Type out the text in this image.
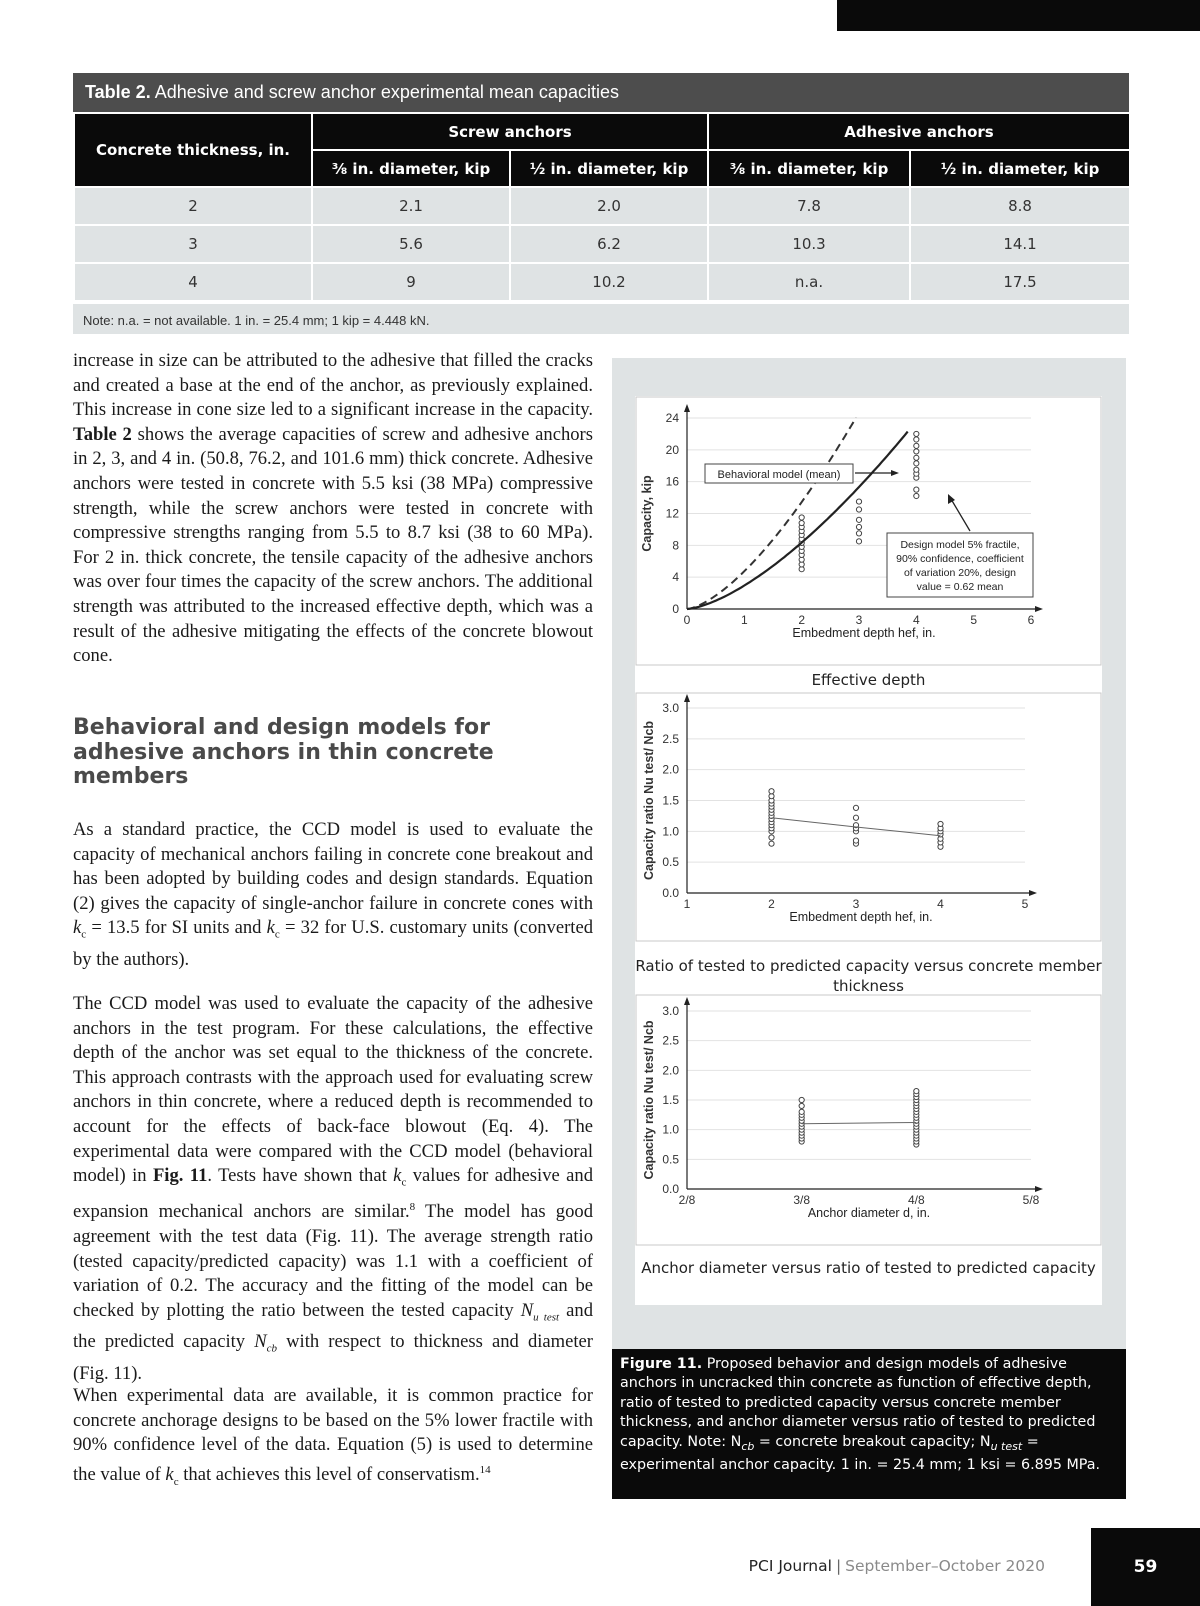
Table 2. Adhesive and screw anchor experimental mean capacities
Concrete thickness, in.	Screw anchors		Adhesive anchors	
	⅜ in. diameter, kip	½ in. diameter, kip	⅜ in. diameter, kip	½ in. diameter, kip
2	2.1	2.0	7.8	8.8
3	5.6	6.2	10.3	14.1
4	9	10.2	n.a.	17.5
Note: n.a. = not available. 1 in. = 25.4 mm; 1 kip = 4.448 kN.

increase in size can be attributed to the adhesive that filled the cracks and created a base at the end of the anchor, as previously explained. This increase in cone size led to a significant increase in the capacity. Table 2 shows the average capacities of screw and adhesive anchors in 2, 3, and 4 in. (50.8, 76.2, and 101.6 mm) thick concrete. Adhesive anchors were tested in concrete with 5.5 ksi (38 MPa) compressive strength, while the screw anchors were tested in concrete with compressive strengths ranging from 5.5 to 8.7 ksi (38 to 60 MPa). For 2 in. thick concrete, the tensile capacity of the adhesive anchors was over four times the capacity of the screw anchors. The additional strength was attributed to the increased effective depth, which was a result of the adhesive mitigating the effects of the concrete blowout cone.

Behavioral and design models for adhesive anchors in thin concrete members

As a standard practice, the CCD model is used to evaluate the capacity of mechanical anchors failing in concrete cone breakout and has been adopted by building codes and design standards. Equation (2) gives the capacity of single-anchor failure in concrete cones with $k_c = 13.5$ for SI units and $k_c = 32$ for U.S. customary units (converted by the authors).

The CCD model was used to evaluate the capacity of the adhesive anchors in the test program. For these calculations, the effective depth of the anchor was set equal to the thickness of the concrete. This approach contrasts with the approach used for evaluating screw anchors in thin concrete, where a reduced depth is recommended to account for the effects of back-face blowout (Eq. 4). The experimental data were compared with the CCD model (behavioral model) in Fig. 11. Tests have shown that $k_c$ values for adhesive and expansion mechanical anchors are similar.$^8$ The model has good agreement with the test data (Fig. 11). The average strength ratio (tested capacity/predicted capacity) was 1.1 with a coefficient of variation of 0.2. The accuracy and the fitting of the model can be checked by plotting the ratio between the tested capacity $N_{u test}$ and the predicted capacity $N_{cb}$ with respect to thickness and diameter (Fig. 11).

When experimental data are available, it is common practice for concrete anchorage designs to be based on the 5% lower fractile with 90% confidence level of the data. Equation (5) is used to determine the value of $k_c$ that achieves this level of conservatism.$^{14}$

0
4
8
12
16
20
24
0	1	2	3	4	5	6
Embedment depth hef, in.
Capacity, kip
Behavioral model (mean)
Design model 5% fractile,
90% confidence, coefficient
of variation 20%, design
value = 0.62 mean
Effective depth
0.0
0.5
1.0
1.5
2.0
2.5
3.0
1	2	3	4	5
Embedment depth hef, in.
Capacity ratio Nu test/ Ncb
Ratio of tested to predicted capacity versus concrete member thickness
0.0
0.5
1.0
1.5
2.0
2.5
3.0
2/8	3/8	4/8	5/8
Anchor diameter d, in.
Capacity ratio Nu test/ Ncb
Anchor diameter versus ratio of tested to predicted capacity
Figure 11. Proposed behavior and design models of adhesive anchors in uncracked thin concrete as function of effective depth, ratio of tested to predicted capacity versus concrete member thickness, and anchor diameter versus ratio of tested to predicted capacity. Note: $N_{cb}$ = concrete breakout capacity; $N_{u test}$ = experimental anchor capacity. 1 in. = 25.4 mm; 1 ksi = 6.895 MPa.
PCI Journal | September–October 2020	59
